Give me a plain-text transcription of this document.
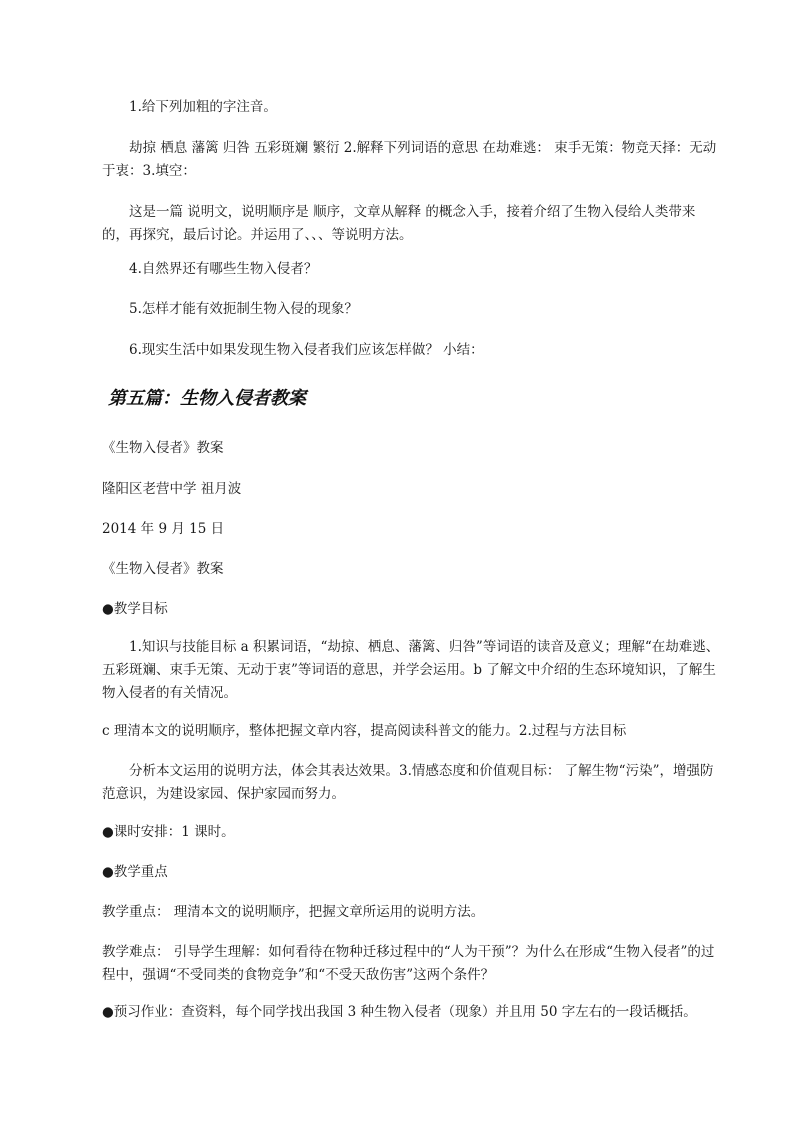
1.给下列加粗的字注音。

劫掠 栖息 藩篱 归咎 五彩斑斓 繁衍 2.解释下列词语的意思 在劫难逃： 束手无策：物竞天择：无动于衷：3.填空：

这是一篇 说明文，说明顺序是 顺序，文章从解释 的概念入手，接着介绍了生物入侵给人类带来的，再探究，最后讨论。并运用了、、、等说明方法。

4.自然界还有哪些生物入侵者？

5.怎样才能有效扼制生物入侵的现象？

6.现实生活中如果发现生物入侵者我们应该怎样做？ 小结：

第五篇：生物入侵者教案

《生物入侵者》教案

隆阳区老营中学 祖月波

2014 年 9 月 15 日

《生物入侵者》教案

●教学目标

1.知识与技能目标 a 积累词语，“劫掠、栖息、藩篱、归咎”等词语的读音及意义；理解“在劫难逃、五彩斑斓、束手无策、无动于衷”等词语的意思，并学会运用。b 了解文中介绍的生态环境知识，了解生物入侵者的有关情况。

c 理清本文的说明顺序，整体把握文章内容，提高阅读科普文的能力。2.过程与方法目标

分析本文运用的说明方法，体会其表达效果。3.情感态度和价值观目标： 了解生物“污染”，增强防范意识，为建设家园、保护家园而努力。

●课时安排：1 课时。

●教学重点

教学重点： 理清本文的说明顺序，把握文章所运用的说明方法。

教学难点： 引导学生理解：如何看待在物种迁移过程中的“人为干预”？为什么在形成“生物入侵者”的过程中，强调“不受同类的食物竞争”和“不受天敌伤害”这两个条件？

●预习作业：查资料，每个同学找出我国 3 种生物入侵者（现象）并且用 50 字左右的一段话概括。
